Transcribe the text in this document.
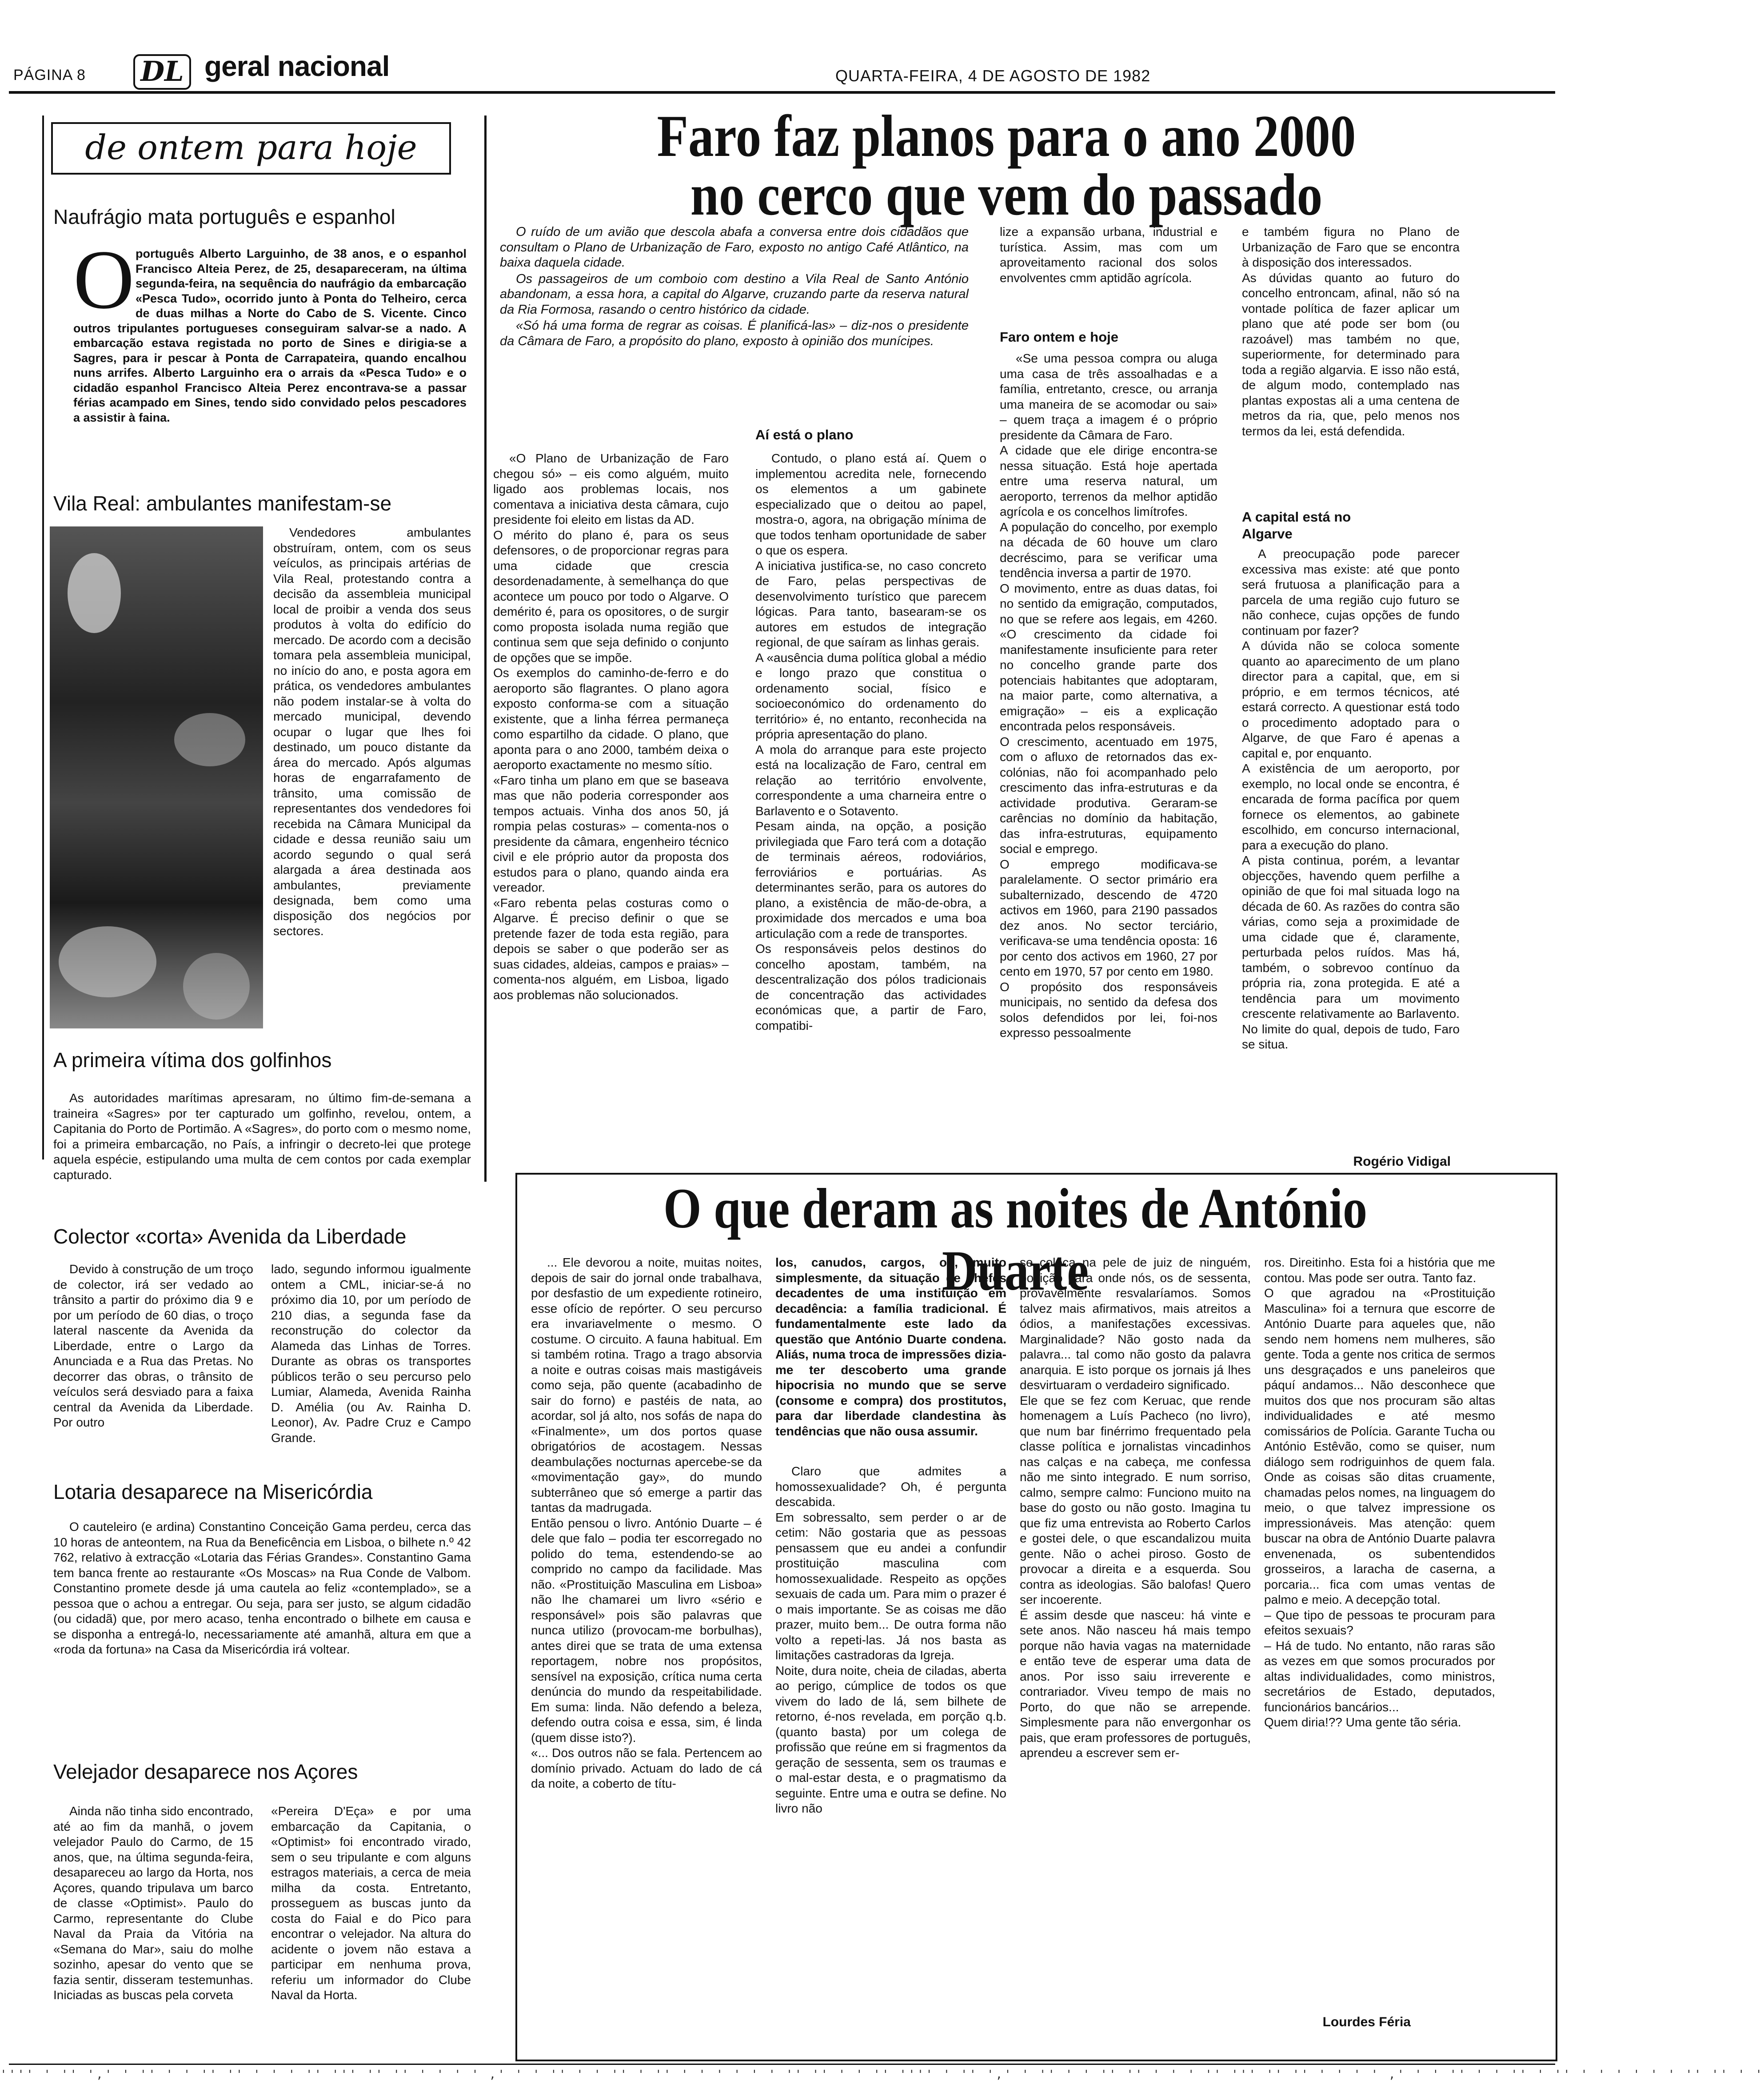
PÁGINA 8 DL geral nacional	QUARTA-FEIRA, 4 DE AGOSTO DE 1982
de ontem para hoje
Naufrágio mata português e espanhol
O português Alberto Larguinho, de 38 anos, e o espanhol Francisco Alteia Perez, de 25, desapareceram, na última segunda-feira, na sequência do naufrágio da embarcação «Pesca Tudo», ocorrido junto à Ponta do Telheiro, cerca de duas milhas a Norte do Cabo de S. Vicente. Cinco outros tripulantes portugueses conseguiram salvar-se a nado. A embarcação estava registada no porto de Sines e dirigia-se a Sagres, para ir pescar à Ponta de Carrapateira, quando encalhou nuns arrifes. Alberto Larguinho era o arrais da «Pesca Tudo» e o cidadão espanhol Francisco Alteia Perez encontrava-se a passar férias acampado em Sines, tendo sido convidado pelos pescadores a assistir à faina.
Vila Real: ambulantes manifestam-se
Vendedores ambulantes obstruíram, ontem, com os seus veículos, as principais artérias de Vila Real, protestando contra a decisão da assembleia municipal local de proibir a venda dos seus produtos à volta do edifício do mercado. De acordo com a decisão tomara pela assembleia municipal, no início do ano, e posta agora em prática, os vendedores ambulantes não podem instalar-se à volta do mercado municipal, devendo ocupar o lugar que lhes foi destinado, um pouco distante da área do mercado. Após algumas horas de engarrafamento de trânsito, uma comissão de representantes dos vendedores foi recebida na Câmara Municipal da cidade e dessa reunião saiu um acordo segundo o qual será alargada a área destinada aos ambulantes, previamente designada, bem como uma disposição dos negócios por sectores.
A primeira vítima dos golfinhos
As autoridades marítimas apresaram, no último fim-de-semana a traineira «Sagres» por ter capturado um golfinho, revelou, ontem, a Capitania do Porto de Portimão. A «Sagres», do porto com o mesmo nome, foi a primeira embarcação, no País, a infringir o decreto-lei que protege aquela espécie, estipulando uma multa de cem contos por cada exemplar capturado.
Colector «corta» Avenida da Liberdade
Devido à construção de um troço de colector, irá ser vedado ao trânsito a partir do próximo dia 9 e por um período de 60 dias, o troço lateral nascente da Avenida da Liberdade, entre o Largo da Anunciada e a Rua das Pretas. No decorrer das obras, o trânsito de veículos será desviado para a faixa central da Avenida da Liberdade. Por outro
lado, segundo informou igualmente ontem a CML, iniciar-se-á no próximo dia 10, por um período de 210 dias, a segunda fase da reconstrução do colector da Alameda das Linhas de Torres. Durante as obras os transportes públicos terão o seu percurso pelo Lumiar, Alameda, Avenida Rainha D. Amélia (ou Av. Rainha D. Leonor), Av. Padre Cruz e Campo Grande.
Lotaria desaparece na Misericórdia
O cauteleiro (e ardina) Constantino Conceição Gama perdeu, cerca das 10 horas de anteontem, na Rua da Beneficência em Lisboa, o bilhete n.º 42 762, relativo à extracção «Lotaria das Férias Grandes». Constantino Gama tem banca frente ao restaurante «Os Moscas» na Rua Conde de Valbom. Constantino promete desde já uma cautela ao feliz «contemplado», se a pessoa que o achou a entregar. Ou seja, para ser justo, se algum cidadão (ou cidadã) que, por mero acaso, tenha encontrado o bilhete em causa e se disponha a entregá-lo, necessariamente até amanhã, altura em que a «roda da fortuna» na Casa da Misericórdia irá voltear.
Velejador desaparece nos Açores
Ainda não tinha sido encontrado, até ao fim da manhã, o jovem velejador Paulo do Carmo, de 15 anos, que, na última segunda-feira, desapareceu ao largo da Horta, nos Açores, quando tripulava um barco de classe «Optimist». Paulo do Carmo, representante do Clube Naval da Praia da Vitória na «Semana do Mar», saiu do molhe sozinho, apesar do vento que se fazia sentir, disseram testemunhas. Iniciadas as buscas pela corveta
«Pereira D'Eça» e por uma embarcação da Capitania, o «Optimist» foi encontrado virado, sem o seu tripulante e com alguns estragos materiais, a cerca de meia milha da costa. Entretanto, prosseguem as buscas junto da costa do Faial e do Pico para encontrar o velejador. Na altura do acidente o jovem não estava a participar em nenhuma prova, referiu um informador do Clube Naval da Horta.
Faro faz planos para o ano 2000
no cerco que vem do passado

O ruído de um avião que descola abafa a conversa entre dois cidadãos que consultam o Plano de Urbanização de Faro, exposto no antigo Café Atlântico, na baixa daquela cidade.

Os passageiros de um comboio com destino a Vila Real de Santo António abandonam, a essa hora, a capital do Algarve, cruzando parte da reserva natural da Ria Formosa, rasando o centro histórico da cidade.

«Só há uma forma de regrar as coisas. É planificá-las» – diz-nos o presidente da Câmara de Faro, a propósito do plano, exposto à opinião dos munícipes.

«O Plano de Urbanização de Faro chegou só» – eis como alguém, muito ligado aos problemas locais, nos comentava a iniciativa desta câmara, cujo presidente foi eleito em listas da AD.
O mérito do plano é, para os seus defensores, o de proporcionar regras para uma cidade que crescia desordenadamente, à semelhança do que acontece um pouco por todo o Algarve. O demérito é, para os opositores, o de surgir como proposta isolada numa região que continua sem que seja definido o conjunto de opções que se impõe.
Os exemplos do caminho-de-ferro e do aeroporto são flagrantes. O plano agora exposto conforma-se com a situação existente, que a linha férrea permaneça como espartilho da cidade. O plano, que aponta para o ano 2000, também deixa o aeroporto exactamente no mesmo sítio.
«Faro tinha um plano em que se baseava mas que não poderia corresponder aos tempos actuais. Vinha dos anos 50, já rompia pelas costuras» – comenta-nos o presidente da câmara, engenheiro técnico civil e ele próprio autor da proposta dos estudos para o plano, quando ainda era vereador.
«Faro rebenta pelas costuras como o Algarve. É preciso definir o que se pretende fazer de toda esta região, para depois se saber o que poderão ser as suas cidades, aldeias, campos e praias» – comenta-nos alguém, em Lisboa, ligado aos problemas não solucionados.

Aí está o plano

Contudo, o plano está aí. Quem o implementou acredita nele, fornecendo os elementos a um gabinete especializado que o deitou ao papel, mostra-o, agora, na obrigação mínima de que todos tenham oportunidade de saber o que os espera.
A iniciativa justifica-se, no caso concreto de Faro, pelas perspectivas de desenvolvimento turístico que parecem lógicas. Para tanto, basearam-se os autores em estudos de integração regional, de que saíram as linhas gerais.
A «ausência duma política global a médio e longo prazo que constitua o ordenamento social, físico e socioeconómico do ordenamento do território» é, no entanto, reconhecida na própria apresentação do plano.
A mola do arranque para este projecto está na localização de Faro, central em relação ao território envolvente, correspondente a uma charneira entre o Barlavento e o Sotavento.
Pesam ainda, na opção, a posição privilegiada que Faro terá com a dotação de terminais aéreos, rodoviários, ferroviários e portuárias. As determinantes serão, para os autores do plano, a existência de mão-de-obra, a proximidade dos mercados e uma boa articulação com a rede de transportes.
Os responsáveis pelos destinos do concelho apostam, também, na descentralização dos pólos tradicionais de concentração das actividades económicas que, a partir de Faro, compatibi-

lize a expansão urbana, industrial e turística. Assim, mas com um aproveitamento racional dos solos envolventes cmm aptidão agrícola.

Faro ontem e hoje

«Se uma pessoa compra ou aluga uma casa de três assoalhadas e a família, entretanto, cresce, ou arranja uma maneira de se acomodar ou sai» – quem traça a imagem é o próprio presidente da Câmara de Faro.
A cidade que ele dirige encontra-se nessa situação. Está hoje apertada entre uma reserva natural, um aeroporto, terrenos da melhor aptidão agrícola e os concelhos limítrofes.
A população do concelho, por exemplo na década de 60 houve um claro decréscimo, para se verificar uma tendência inversa a partir de 1970.
O movimento, entre as duas datas, foi no sentido da emigração, computados, no que se refere aos legais, em 4260. «O crescimento da cidade foi manifestamente insuficiente para reter no concelho grande parte dos potenciais habitantes que adoptaram, na maior parte, como alternativa, a emigração» – eis a explicação encontrada pelos responsáveis.
O crescimento, acentuado em 1975, com o afluxo de retornados das ex-colónias, não foi acompanhado pelo crescimento das infra-estruturas e da actividade produtiva. Geraram-se carências no domínio da habitação, das infra-estruturas, equipamento social e emprego.
O emprego modificava-se paralelamente. O sector primário era subalternizado, descendo de 4720 activos em 1960, para 2190 passados dez anos. No sector terciário, verificava-se uma tendência oposta: 16 por cento dos activos em 1960, 27 por cento em 1970, 57 por cento em 1980.
O propósito dos responsáveis municipais, no sentido da defesa dos solos defendidos por lei, foi-nos expresso pessoalmente

e também figura no Plano de Urbanização de Faro que se encontra à disposição dos interessados.
As dúvidas quanto ao futuro do concelho entroncam, afinal, não só na vontade política de fazer aplicar um plano que até pode ser bom (ou razoável) mas também no que, superiormente, for determinado para toda a região algarvia. E isso não está, de algum modo, contemplado nas plantas expostas ali a uma centena de metros da ria, que, pelo menos nos termos da lei, está defendida.

A capital está no Algarve

A preocupação pode parecer excessiva mas existe: até que ponto será frutuosa a planificação para a parcela de uma região cujo futuro se não conhece, cujas opções de fundo continuam por fazer?
A dúvida não se coloca somente quanto ao aparecimento de um plano director para a capital, que, em si próprio, e em termos técnicos, até estará correcto. A questionar está todo o procedimento adoptado para o Algarve, de que Faro é apenas a capital e, por enquanto.
A existência de um aeroporto, por exemplo, no local onde se encontra, é encarada de forma pacífica por quem fornece os elementos, ao gabinete escolhido, em concurso internacional, para a execução do plano.
A pista continua, porém, a levantar objecções, havendo quem perfilhe a opinião de que foi mal situada logo na década de 60. As razões do contra são várias, como seja a proximidade de uma cidade que é, claramente, perturbada pelos ruídos. Mas há, também, o sobrevoo contínuo da própria ria, zona protegida. E até a tendência para um movimento crescente relativamente ao Barlavento. No limite do qual, depois de tudo, Faro se situa.

Rogério Vidigal
O que deram as noites de António Duarte

... Ele devorou a noite, muitas noites, depois de sair do jornal onde trabalhava, por desfastio de um expediente rotineiro, esse ofício de repórter. O seu percurso era invariavelmente o mesmo. O costume. O circuito. A fauna habitual. Em si também rotina. Trago a trago absorvia a noite e outras coisas mais mastigáveis como seja, pão quente (acabadinho de sair do forno) e pastéis de nata, ao acordar, sol já alto, nos sofás de napa do «Finalmente», um dos portos quase obrigatórios de acostagem. Nessas deambulações nocturnas apercebe-se da «movimentação gay», do mundo subterrâneo que só emerge a partir das tantas da madrugada.
Então pensou o livro. António Duarte – é dele que falo – podia ter escorregado no polido do tema, estendendo-se ao comprido no campo da facilidade. Mas não. «Prostituição Masculina em Lisboa» não lhe chamarei um livro «sério e responsável» pois são palavras que nunca utilizo (provocam-me borbulhas), antes direi que se trata de uma extensa reportagem, nobre nos propósitos, sensível na exposição, crítica numa certa denúncia do mundo da respeitabilidade. Em suma: linda. Não defendo a beleza, defendo outra coisa e essa, sim, é linda (quem disse isto?).
«... Dos outros não se fala. Pertencem ao domínio privado. Actuam do lado de cá da noite, a coberto de títu-

los, canudos, cargos, ou, muito simplesmente, da situação de chefes decadentes de uma instituição em decadência: a família tradicional. É fundamentalmente este lado da questão que António Duarte condena. Aliás, numa troca de impressões dizia-me ter descoberto uma grande hipocrisia no mundo que se serve (consome e compra) dos prostitutos, para dar liberdade clandestina às tendências que não ousa assumir.

Claro que admites a homossexualidade? Oh, é pergunta descabida.
Em sobressalto, sem perder o ar de cetim: Não gostaria que as pessoas pensassem que eu andei a confundir prostituição masculina com homossexualidade. Respeito as opções sexuais de cada um. Para mim o prazer é o mais importante. Se as coisas me dão prazer, muito bem... De outra forma não volto a repeti-las. Já nos basta as limitações castradoras da Igreja.
Noite, dura noite, cheia de ciladas, aberta ao perigo, cúmplice de todos os que vivem do lado de lá, sem bilhete de retorno, é-nos revelada, em porção q.b. (quanto basta) por um colega de profissão que reúne em si fragmentos da geração de sessenta, sem os traumas e o mal-estar desta, e o pragmatismo da seguinte. Entre uma e outra se define. No livro não

se coloca na pele de juiz de ninguém, posição para onde nós, os de sessenta, provavelmente resvalaríamos. Somos talvez mais afirmativos, mais atreitos a ódios, a manifestações excessivas. Marginalidade? Não gosto nada da palavra... tal como não gosto da palavra anarquia. E isto porque os jornais já lhes desvirtuaram o verdadeiro significado.
Ele que se fez com Keruac, que rende homenagem a Luís Pacheco (no livro), que num bar finérrimo frequentado pela classe política e jornalistas vincadinhos nas calças e na cabeça, me confessa não me sinto integrado. E num sorriso, calmo, sempre calmo: Funciono muito na base do gosto ou não gosto. Imagina tu que fiz uma entrevista ao Roberto Carlos e gostei dele, o que escandalizou muita gente. Não o achei piroso. Gosto de provocar a direita e a esquerda. Sou contra as ideologias. São balofas! Quero ser incoerente.
É assim desde que nasceu: há vinte e sete anos. Não nasceu há mais tempo porque não havia vagas na maternidade e então teve de esperar uma data de anos. Por isso saiu irreverente e contrariador. Viveu tempo de mais no Porto, do que não se arrepende. Simplesmente para não envergonhar os pais, que eram professores de português, aprendeu a escrever sem er-

ros. Direitinho. Esta foi a história que me contou. Mas pode ser outra. Tanto faz.
O que agradou na «Prostituição Masculina» foi a ternura que escorre de António Duarte para aqueles que, não sendo nem homens nem mulheres, são gente. Toda a gente nos critica de sermos uns desgraçados e uns paneleiros que páquí andamos... Não desconhece que muitos dos que nos procuram são altas individualidades e até mesmo comissários de Polícia. Garante Tucha ou António Estêvão, como se quiser, num diálogo sem rodriguinhos de quem fala. Onde as coisas são ditas cruamente, chamadas pelos nomes, na linguagem do meio, o que talvez impressione os impressionáveis. Mas atenção: quem buscar na obra de António Duarte palavra envenenada, os subentendidos grosseiros, a laracha de caserna, a porcaria... fica com umas ventas de palmo e meio. A decepção total.
– Que tipo de pessoas te procuram para efeitos sexuais?
– Há de tudo. No entanto, não raras são as vezes em que somos procurados por altas individualidades, como ministros, secretários de Estado, deputados, funcionários bancários...
Quem diria!?? Uma gente tão séria.

Lourdes Féria
'''' ' '' ',' ' '' ' ' '' '' ' ' ' '' ''' '' '' ' ' ' ' ,' ' ' '' ' ' '' ' '' ' ' ' ' ' ' '' '' ' ' '' '''' ' '' ',' ' '' ' ' '' '' ' ' ' '' ''' '' '' ' ' ' ' ,' ' ' '' ' ' '' ' '' ' ' ' ' ' ' '' '' ' '
